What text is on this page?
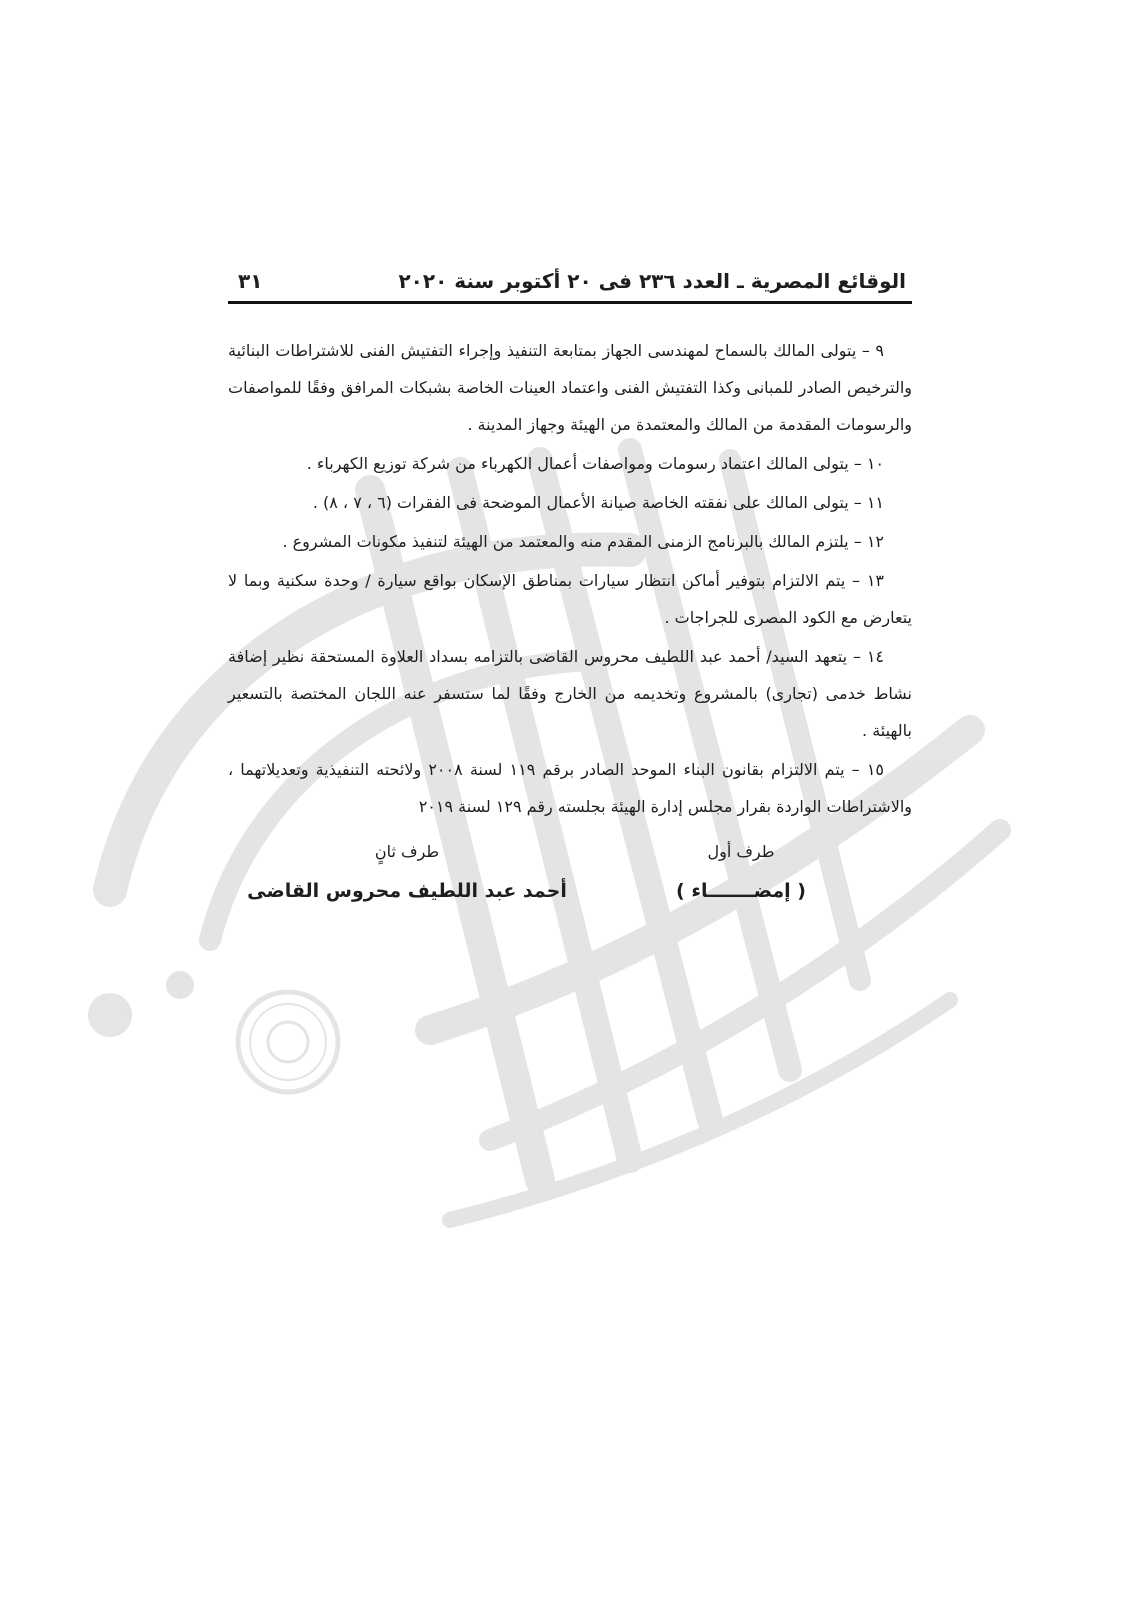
الوقائع المصرية ـ العدد ٢٣٦ فى ٢٠ أكتوبر سنة ٢٠٢٠
٣١

٩ – يتولى المالك بالسماح لمهندسى الجهاز بمتابعة التنفيذ وإجراء التفتيش الفنى للاشتراطات البنائية والترخيص الصادر للمبانى وكذا التفتيش الفنى واعتماد العينات الخاصة بشبكات المرافق وفقًا للمواصفات والرسومات المقدمة من المالك والمعتمدة من الهيئة وجهاز المدينة .

١٠ – يتولى المالك اعتماد رسومات ومواصفات أعمال الكهرباء من شركة توزيع الكهرباء .

١١ – يتولى المالك على نفقته الخاصة صيانة الأعمال الموضحة فى الفقرات (٦ ، ٧ ، ٨) .

١٢ – يلتزم المالك بالبرنامج الزمنى المقدم منه والمعتمد من الهيئة لتنفيذ مكونات المشروع .

١٣ – يتم الالتزام بتوفير أماكن انتظار سيارات بمناطق الإسكان بواقع سيارة / وحدة سكنية وبما لا يتعارض مع الكود المصرى للجراجات .

١٤ – يتعهد السيد/ أحمد عبد اللطيف محروس القاضى بالتزامه بسداد العلاوة المستحقة نظير إضافة نشاط خدمى (تجارى) بالمشروع وتخديمه من الخارج وفقًا لما ستسفر عنه اللجان المختصة بالتسعير بالهيئة .

١٥ – يتم الالتزام بقانون البناء الموحد الصادر برقم ١١٩ لسنة ٢٠٠٨ ولائحته التنفيذية وتعديلاتهما ، والاشتراطات الواردة بقرار مجلس إدارة الهيئة بجلسته رقم ١٢٩ لسنة ٢٠١٩

طرف أول
( إمضـــــــاء )
طرف ثانٍ
أحمد عبد اللطيف محروس القاضى
